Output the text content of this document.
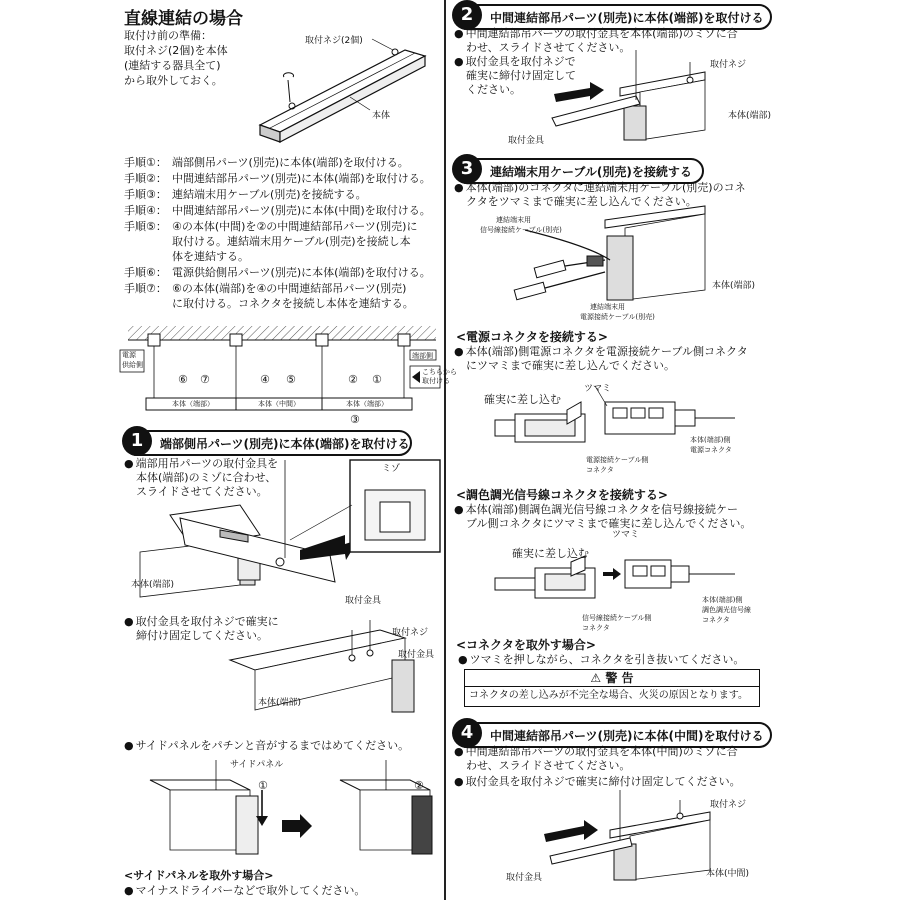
直線連結の場合
取付け前の準備：
取付ネジ(2個)を本体
(連結する器具全て)
から取外しておく。
取付ネジ(2個)
本体
手順①： 端部側吊パーツ(別売)に本体(端部)を取付ける。
手順②： 中間連結部吊パーツ(別売)に本体(端部)を取付ける。
手順③： 連結端末用ケーブル(別売)を接続する。
手順④： 中間連結部吊パーツ(別売)に本体(中間)を取付ける。
手順⑤： ④の本体(中間)を②の中間連結部吊パーツ(別売)に
取付ける。連結端末用ケーブル(別売)を接続し本
体を連結する。
手順⑥： 電源供給側吊パーツ(別売)に本体(端部)を取付ける。
手順⑦： ⑥の本体(端部)を④の中間連結部吊パーツ(別売)
に取付ける。コネクタを接続し本体を連結する。
電源
供給側
端部側
こちらから
取付ける
⑥ ⑦	④ ⑤	② ①
③
本体（端部）	本体（中間）	本体（端部）
1	端部側吊パーツ(別売)に本体(端部)を取付ける
● 端部用吊パーツの取付金具を
本体(端部)のミゾに合わせ、
スライドさせてください。
ミゾ
本体(端部)
取付金具
● 取付金具を取付ネジで確実に
締付け固定してください。	取付ネジ
取付金具
本体(端部)
● サイドパネルをパチンと音がするまではめてください。
サイドパネル
①	②
<サイドパネルを取外す場合>
● マイナスドライバーなどで取外してください。
2	中間連結部吊パーツ(別売)に本体(端部)を取付ける
● 中間連結部吊パーツの取付金具を本体(端部)のミゾに合
わせ、スライドさせてください。
● 取付金具を取付ネジで
確実に締付け固定して
ください。
取付ネジ
本体(端部)
取付金具
3	連結端末用ケーブル(別売)を接続する
● 本体(端部)のコネクタに連結端末用ケーブル(別売)のコネ
クタをツマミまで確実に差し込んでください。
連結端末用
信号線接続ケーブル(別売)
連結端末用
電源接続ケーブル(別売)
本体(端部)
<電源コネクタを接続する>
● 本体(端部)側電源コネクタを電源接続ケーブル側コネクタ
にツマミまで確実に差し込んでください。
確実に差し込む
ツマミ
電源接続ケーブル側
コネクタ
本体(端部)側
電源コネクタ
<調色調光信号線コネクタを接続する>
● 本体(端部)側調色調光信号線コネクタを信号線接続ケー
ブル側コネクタにツマミまで確実に差し込んでください。
確実に差し込む
ツマミ
信号線接続ケーブル側
コネクタ
本体(端部)側
調色調光信号線
コネクタ
<コネクタを取外す場合>
● ツマミを押しながら、コネクタを引き抜いてください。
⚠ 警 告
コネクタの差し込みが不完全な場合、火災の原因となります。
4	中間連結部吊パーツ(別売)に本体(中間)を取付ける
● 中間連結部吊パーツの取付金具を本体(中間)のミゾに合
わせ、スライドさせてください。
● 取付金具を取付ネジで確実に締付け固定してください。
取付ネジ
取付金具	本体(中間)
